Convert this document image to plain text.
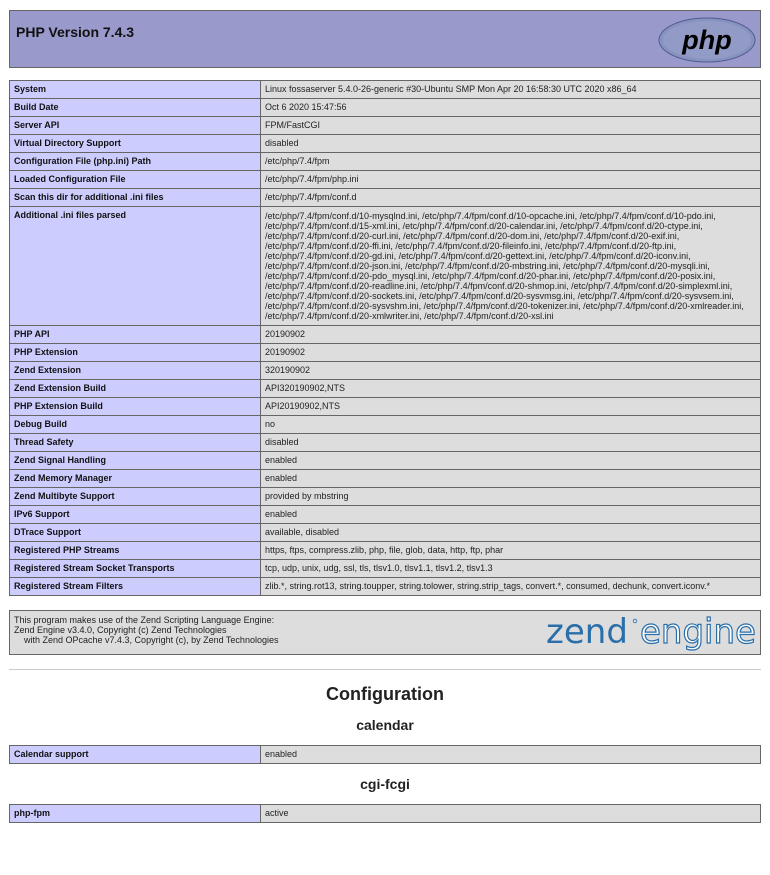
PHP Version 7.4.3	php
System	Linux fossaserver 5.4.0-26-generic #30-Ubuntu SMP Mon Apr 20 16:58:30 UTC 2020 x86_64
Build Date	Oct 6 2020 15:47:56
Server API	FPM/FastCGI
Virtual Directory Support	disabled
Configuration File (php.ini) Path	/etc/php/7.4/fpm
Loaded Configuration File	/etc/php/7.4/fpm/php.ini
Scan this dir for additional .ini files	/etc/php/7.4/fpm/conf.d
Additional .ini files parsed	/etc/php/7.4/fpm/conf.d/10-mysqlnd.ini, /etc/php/7.4/fpm/conf.d/10-opcache.ini, /etc/php/7.4/fpm/conf.d/10-pdo.ini, /etc/php/7.4/fpm/conf.d/15-xml.ini, /etc/php/7.4/fpm/conf.d/20-calendar.ini, /etc/php/7.4/fpm/conf.d/20-ctype.ini, /etc/php/7.4/fpm/conf.d/20-curl.ini, /etc/php/7.4/fpm/conf.d/20-dom.ini, /etc/php/7.4/fpm/conf.d/20-exif.ini, /etc/php/7.4/fpm/conf.d/20-ffi.ini, /etc/php/7.4/fpm/conf.d/20-fileinfo.ini, /etc/php/7.4/fpm/conf.d/20-ftp.ini, /etc/php/7.4/fpm/conf.d/20-gd.ini, /etc/php/7.4/fpm/conf.d/20-gettext.ini, /etc/php/7.4/fpm/conf.d/20-iconv.ini, /etc/php/7.4/fpm/conf.d/20-json.ini, /etc/php/7.4/fpm/conf.d/20-mbstring.ini, /etc/php/7.4/fpm/conf.d/20-mysqli.ini, /etc/php/7.4/fpm/conf.d/20-pdo_mysql.ini, /etc/php/7.4/fpm/conf.d/20-phar.ini, /etc/php/7.4/fpm/conf.d/20-posix.ini, /etc/php/7.4/fpm/conf.d/20-readline.ini, /etc/php/7.4/fpm/conf.d/20-shmop.ini, /etc/php/7.4/fpm/conf.d/20-simplexml.ini, /etc/php/7.4/fpm/conf.d/20-sockets.ini, /etc/php/7.4/fpm/conf.d/20-sysvmsg.ini, /etc/php/7.4/fpm/conf.d/20-sysvsem.ini, /etc/php/7.4/fpm/conf.d/20-sysvshm.ini, /etc/php/7.4/fpm/conf.d/20-tokenizer.ini, /etc/php/7.4/fpm/conf.d/20-xmlreader.ini, /etc/php/7.4/fpm/conf.d/20-xmlwriter.ini, /etc/php/7.4/fpm/conf.d/20-xsl.ini
PHP API	20190902
PHP Extension	20190902
Zend Extension	320190902
Zend Extension Build	API320190902,NTS
PHP Extension Build	API20190902,NTS
Debug Build	no
Thread Safety	disabled
Zend Signal Handling	enabled
Zend Memory Manager	enabled
Zend Multibyte Support	provided by mbstring
IPv6 Support	enabled
DTrace Support	available, disabled
Registered PHP Streams	https, ftps, compress.zlib, php, file, glob, data, http, ftp, phar
Registered Stream Socket Transports	tcp, udp, unix, udg, ssl, tls, tlsv1.0, tlsv1.1, tlsv1.2, tlsv1.3
Registered Stream Filters	zlib.*, string.rot13, string.toupper, string.tolower, string.strip_tags, convert.*, consumed, dechunk, convert.iconv.*
This program makes use of the Zend Scripting Language Engine:
Zend Engine v3.4.0, Copyright (c) Zend Technologies
with Zend OPcache v7.4.3, Copyright (c), by Zend Technologies	zend engine
Configuration
calendar
Calendar support	enabled
cgi-fcgi
php-fpm	active
